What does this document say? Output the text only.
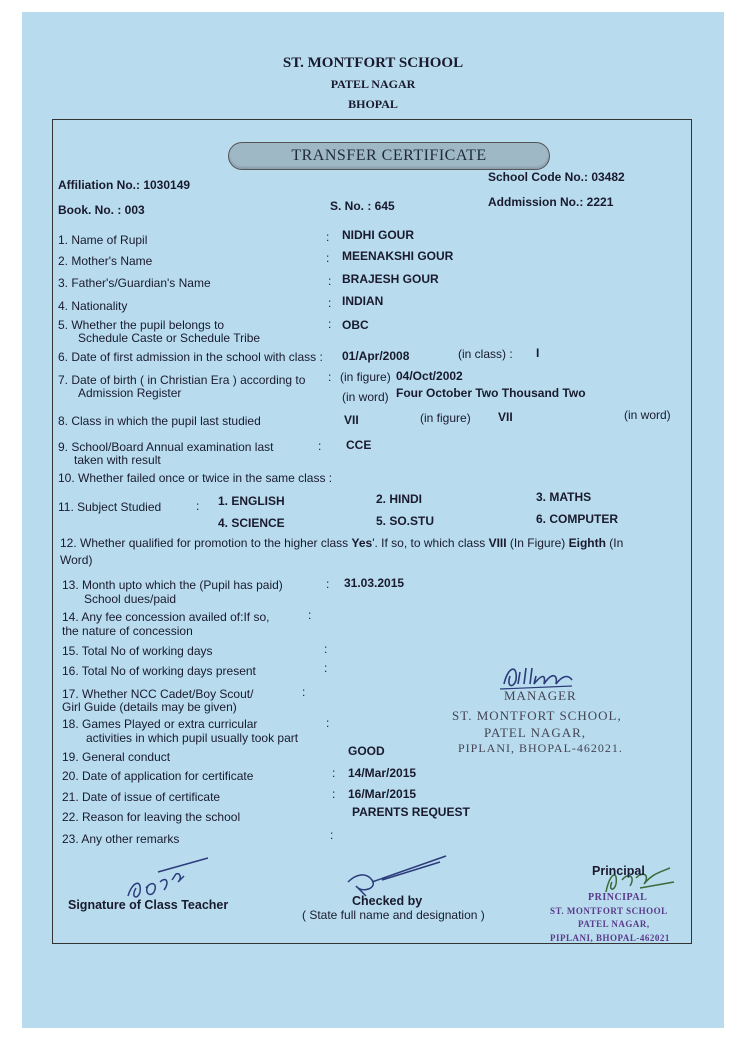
ST. MONTFORT SCHOOL
PATEL NAGAR
BHOPAL
TRANSFER CERTIFICATE
Affiliation No.: 1030149
School Code No.: 03482
Book. No. : 003	S. No. : 645	Addmission No.: 2221
1. Name of Rupil	: NIDHI GOUR
2. Mother's Name	: MEENAKSHI GOUR
3. Father's/Guardian's Name	: BRAJESH GOUR
4. Nationality	: INDIAN
5. Whether the pupil belongs to
Schedule Caste or Schedule Tribe
: OBC
6. Date of first admission in the school with class : 01/Apr/2008	(in class) : I
7. Date of birth ( in Christian Era ) according to
Admission Register
: (in figure) 04/Oct/2002
(in word) Four October Two Thousand Two
8. Class in which the pupil last studied	VII	(in figure) VII	(in word)
9. School/Board Annual examination last
taken with result
: CCE
10. Whether failed once or twice in the same class :
11. Subject Studied	: 1. ENGLISH	2. HINDI	3. MATHS
4. SCIENCE	5. SO.STU	6. COMPUTER
12. Whether qualified for promotion to the higher class Yes'. If so, to which class VIII (In Figure) Eighth (In
Word)
13. Month upto which the (Pupil has paid)
School dues/paid
: 31.03.2015
14. Any fee concession availed of:If so,
the nature of concession
:
15. Total No of working days	:
16. Total No of working days present	:
17. Whether NCC Cadet/Boy Scout/
Girl Guide (details may be given)
:
18. Games Played or extra curricular
activities in which pupil usually took part
:
19. General conduct	GOOD
20. Date of application for certificate	: 14/Mar/2015
21. Date of issue of certificate	: 16/Mar/2015
22. Reason for leaving the school	PARENTS REQUEST
23. Any other remarks	:
MANAGER
ST. MONTFORT SCHOOL,
PATEL NAGAR,
PIPLANI, BHOPAL-462021.
Signature of Class Teacher	Checked by
( State full name and designation )
Principal
PRINCIPAL
ST. MONTFORT SCHOOL
PATEL NAGAR,
PIPLANI, BHOPAL-462021
